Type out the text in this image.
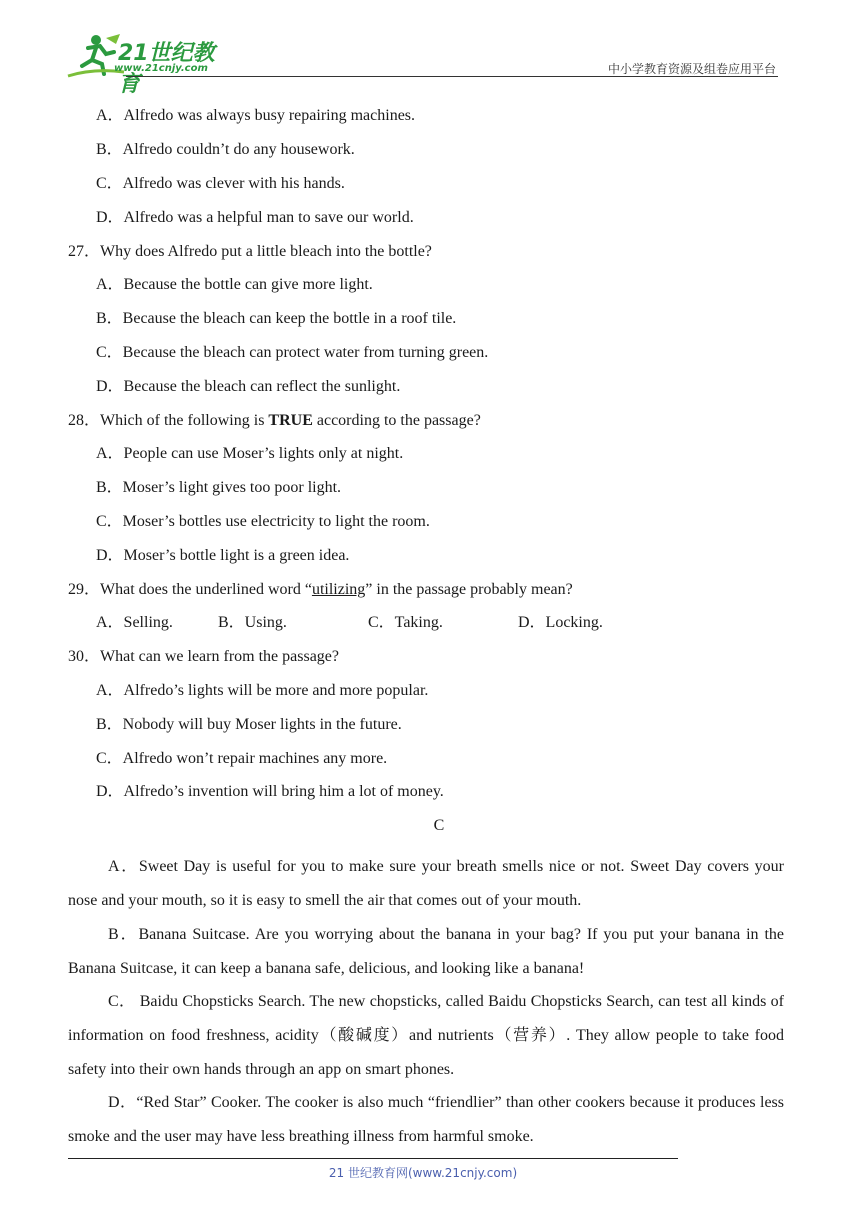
21世纪教育
www.21cnjy.com	中小学教育资源及组卷应用平台
A．Alfredo was always busy repairing machines.
B．Alfredo couldn’t do any housework.
C．Alfredo was clever with his hands.
D．Alfredo was a helpful man to save our world.
27．Why does Alfredo put a little bleach into the bottle?
A．Because the bottle can give more light.
B．Because the bleach can keep the bottle in a roof tile.
C．Because the bleach can protect water from turning green.
D．Because the bleach can reflect the sunlight.
28．Which of the following is TRUE according to the passage?
A．People can use Moser’s lights only at night.
B．Moser’s light gives too poor light.
C．Moser’s bottles use electricity to light the room.
D．Moser’s bottle light is a green idea.
29．What does the underlined word “utilizing” in the passage probably mean?
A．Selling.	B．Using.	C．Taking.	D．Locking.
30．What can we learn from the passage?
A．Alfredo’s lights will be more and more popular.
B．Nobody will buy Moser lights in the future.
C．Alfredo won’t repair machines any more.
D．Alfredo’s invention will bring him a lot of money.
C
A．Sweet Day is useful for you to make sure your breath smells nice or not. Sweet Day covers your nose and your mouth, so it is easy to smell the air that comes out of your mouth.
B．Banana Suitcase. Are you worrying about the banana in your bag? If you put your banana in the Banana Suitcase, it can keep a banana safe, delicious, and looking like a banana!
C． Baidu Chopsticks Search. The new chopsticks, called Baidu Chopsticks Search, can test all kinds of information on food freshness, acidity（酸碱度）and nutrients（营养）. They allow people to take food safety into their own hands through an app on smart phones.
D．“Red Star” Cooker. The cooker is also much “friendlier” than other cookers because it produces less smoke and the user may have less breathing illness from harmful smoke.
21 世纪教育网(www.21cnjy.com)
